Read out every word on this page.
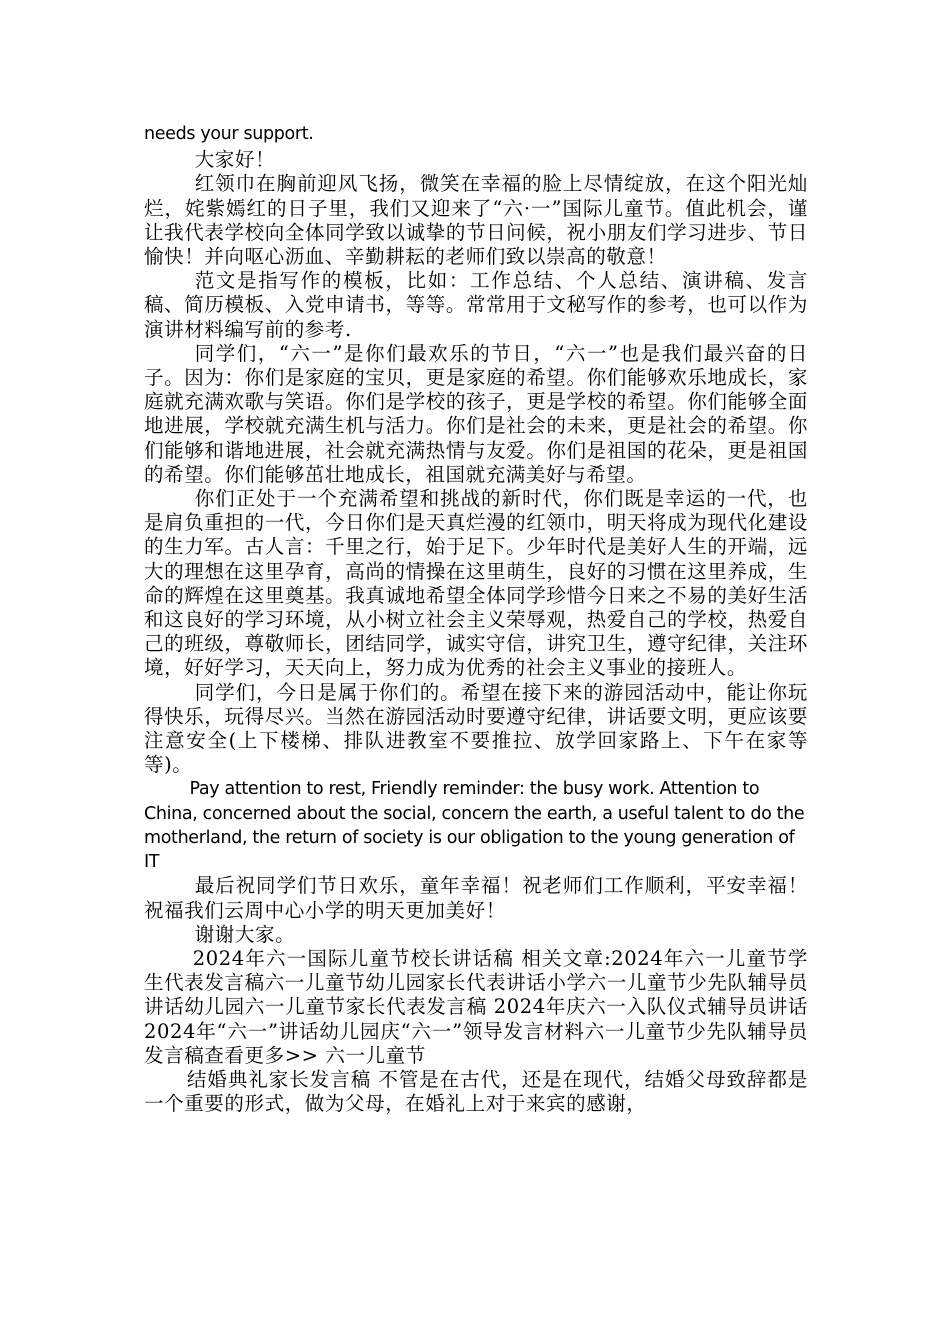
needs your support.

大家好！

红领巾在胸前迎风飞扬，微笑在幸福的脸上尽情绽放，在这个阳光灿烂，姹紫嫣红的日子里，我们又迎来了“六·一”国际儿童节。值此机会，谨让我代表学校向全体同学致以诚挚的节日问候，祝小朋友们学习进步、节日愉快！并向呕心沥血、辛勤耕耘的老师们致以崇高的敬意！

范文是指写作的模板，比如：工作总结、个人总结、演讲稿、发言稿、简历模板、入党申请书，等等。常常用于文秘写作的参考，也可以作为演讲材料编写前的参考.

同学们，“六一”是你们最欢乐的节日，“六一”也是我们最兴奋的日子。因为：你们是家庭的宝贝，更是家庭的希望。你们能够欢乐地成长，家庭就充满欢歌与笑语。你们是学校的孩子，更是学校的希望。你们能够全面地进展，学校就充满生机与活力。你们是社会的未来，更是社会的希望。你们能够和谐地进展，社会就充满热情与友爱。你们是祖国的花朵，更是祖国的希望。你们能够茁壮地成长，祖国就充满美好与希望。

你们正处于一个充满希望和挑战的新时代，你们既是幸运的一代，也是肩负重担的一代，今日你们是天真烂漫的红领巾，明天将成为现代化建设的生力军。古人言：千里之行，始于足下。少年时代是美好人生的开端，远大的理想在这里孕育，高尚的情操在这里萌生，良好的习惯在这里养成，生命的辉煌在这里奠基。我真诚地希望全体同学珍惜今日来之不易的美好生活和这良好的学习环境，从小树立社会主义荣辱观，热爱自己的学校，热爱自己的班级，尊敬师长，团结同学，诚实守信，讲究卫生，遵守纪律，关注环境，好好学习，天天向上，努力成为优秀的社会主义事业的接班人。

同学们，今日是属于你们的。希望在接下来的游园活动中，能让你玩得快乐，玩得尽兴。当然在游园活动时要遵守纪律，讲话要文明，更应该要注意安全(上下楼梯、排队进教室不要推拉、放学回家路上、下午在家等等)。

Pay attention to rest, Friendly reminder: the busy work. Attention to China, concerned about the social, concern the earth, a useful talent to do the motherland, the return of society is our obligation to the young generation of IT

最后祝同学们节日欢乐，童年幸福！祝老师们工作顺利，平安幸福！祝福我们云周中心小学的明天更加美好！

谢谢大家。

2024年六一国际儿童节校长讲话稿 相关文章:2024年六一儿童节学生代表发言稿六一儿童节幼儿园家长代表讲话小学六一儿童节少先队辅导员讲话幼儿园六一儿童节家长代表发言稿 2024年庆六一入队仪式辅导员讲话 2024年“六一”讲话幼儿园庆“六一”领导发言材料六一儿童节少先队辅导员发言稿查看更多>> 六一儿童节

结婚典礼家长发言稿 不管是在古代，还是在现代，结婚父母致辞都是一个重要的形式，做为父母，在婚礼上对于来宾的感谢，
